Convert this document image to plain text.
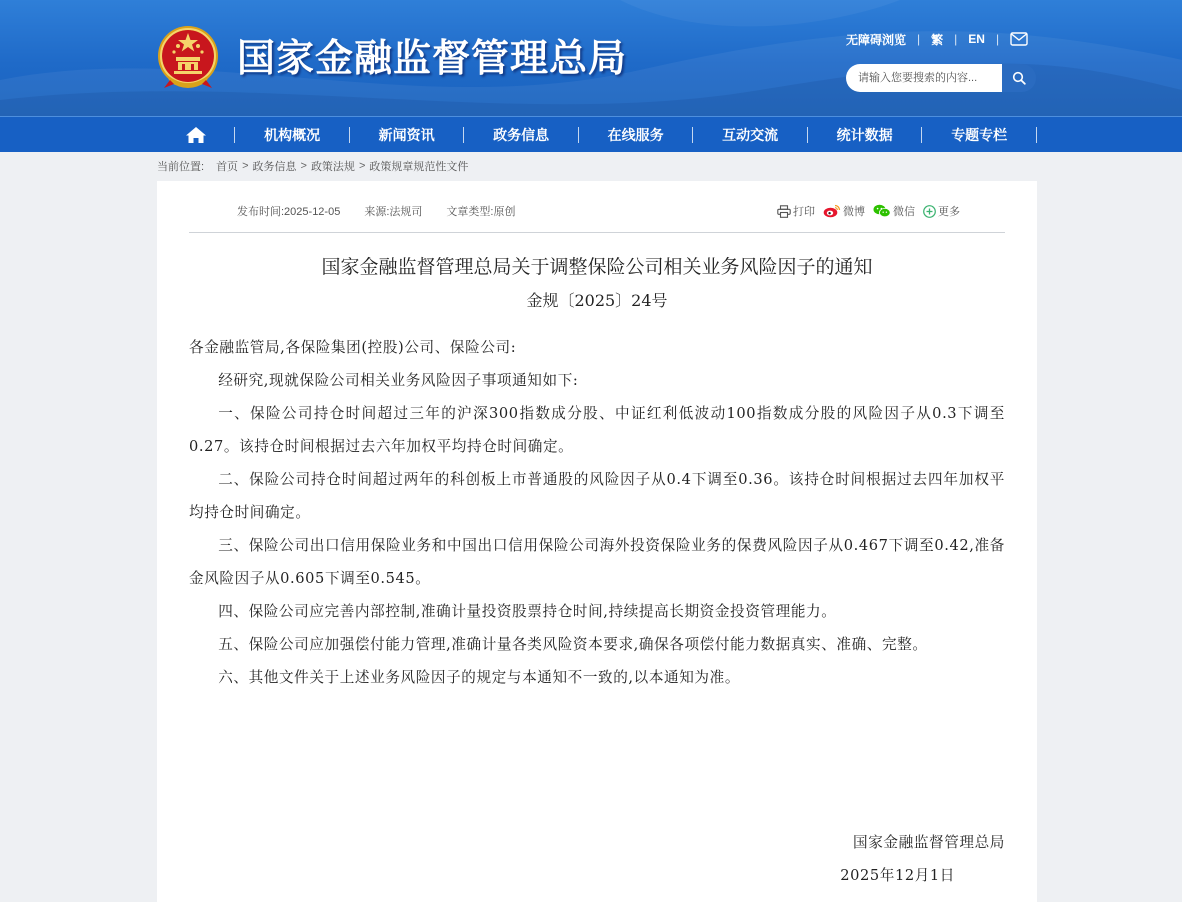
国家金融监督管理总局	无障碍浏览 | 繁 | EN |
请输入您要搜索的内容...
机构概况	新闻资讯	政务信息	在线服务	互动交流	统计数据	专题专栏
当前位置: 首页 > 政务信息 > 政策法规 > 政策规章规范性文件
发布时间:2025-12-05 来源:法规司 文章类型:原创	打印	微博	微信 更多
国家金融监督管理总局关于调整保险公司相关业务风险因子的通知
金规〔2025〕24号

各金融监管局,各保险集团(控股)公司、保险公司:

经研究,现就保险公司相关业务风险因子事项通知如下:

一、保险公司持仓时间超过三年的沪深300指数成分股、中证红利低波动100指数成分股的风险因子从0.3下调至0.27。该持仓时间根据过去六年加权平均持仓时间确定。

二、保险公司持仓时间超过两年的科创板上市普通股的风险因子从0.4下调至0.36。该持仓时间根据过去四年加权平均持仓时间确定。

三、保险公司出口信用保险业务和中国出口信用保险公司海外投资保险业务的保费风险因子从0.467下调至0.42,准备金风险因子从0.605下调至0.545。

四、保险公司应完善内部控制,准确计量投资股票持仓时间,持续提高长期资金投资管理能力。

五、保险公司应加强偿付能力管理,准确计量各类风险资本要求,确保各项偿付能力数据真实、准确、完整。

六、其他文件关于上述业务风险因子的规定与本通知不一致的,以本通知为准。

国家金融监督管理总局
2025年12月1日
